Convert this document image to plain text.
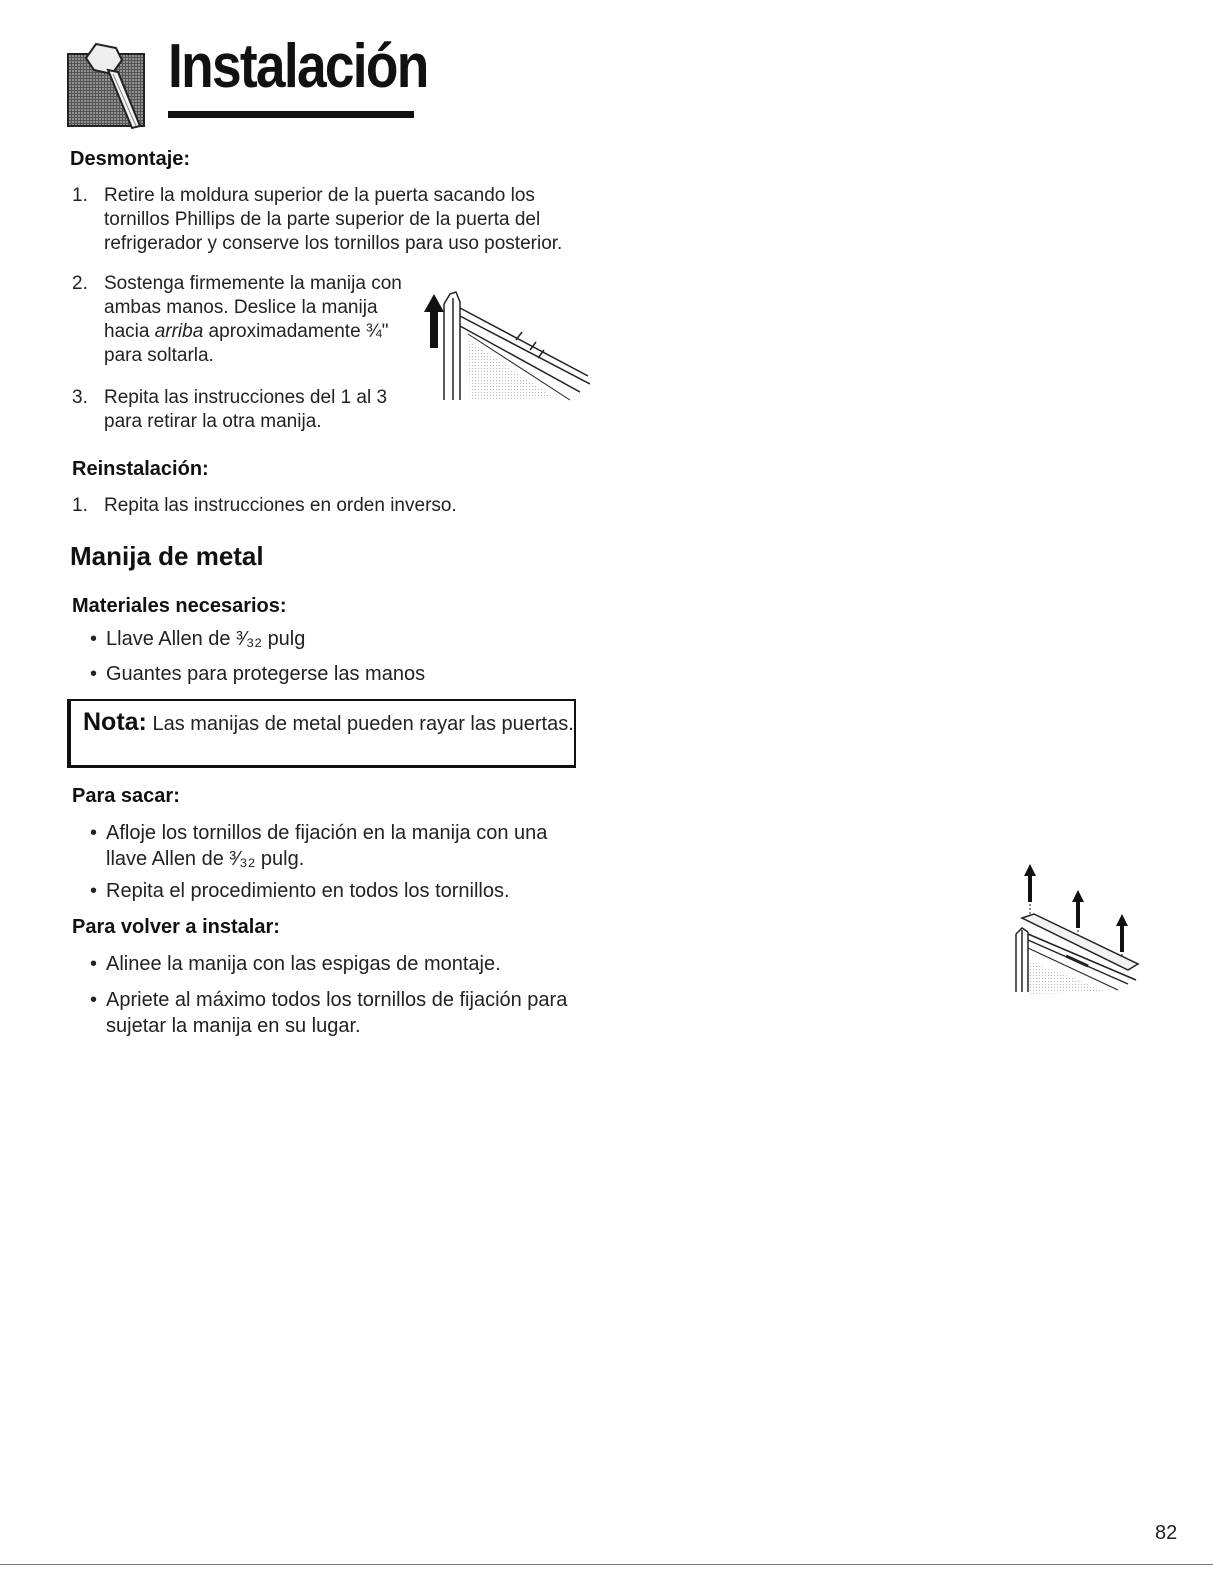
Instalación
Desmontaje:
1. Retire la moldura superior de la puerta sacando los tornillos Phillips de la parte superior de la puerta del refrigerador y conserve los tornillos para uso posterior.
2. Sostenga firmemente la manija con
ambas manos. Deslice la manija
hacia arriba aproximadamente ¾"
para soltarla.
3. Repita las instrucciones del 1 al 3
para retirar la otra manija.
Reinstalación:
1. Repita las instrucciones en orden inverso.
Manija de metal
Materiales necesarios:
• Llave Allen de ³⁄₃₂ pulg
• Guantes para protegerse las manos
Nota: Las manijas de metal pueden rayar las puertas.
Para sacar:
• Afloje los tornillos de fijación en la manija con una llave Allen de ³⁄₃₂ pulg.
• Repita el procedimiento en todos los tornillos.
Para volver a instalar:
• Alinee la manija con las espigas de montaje.
• Apriete al máximo todos los tornillos de fijación para sujetar la manija en su lugar.
82
